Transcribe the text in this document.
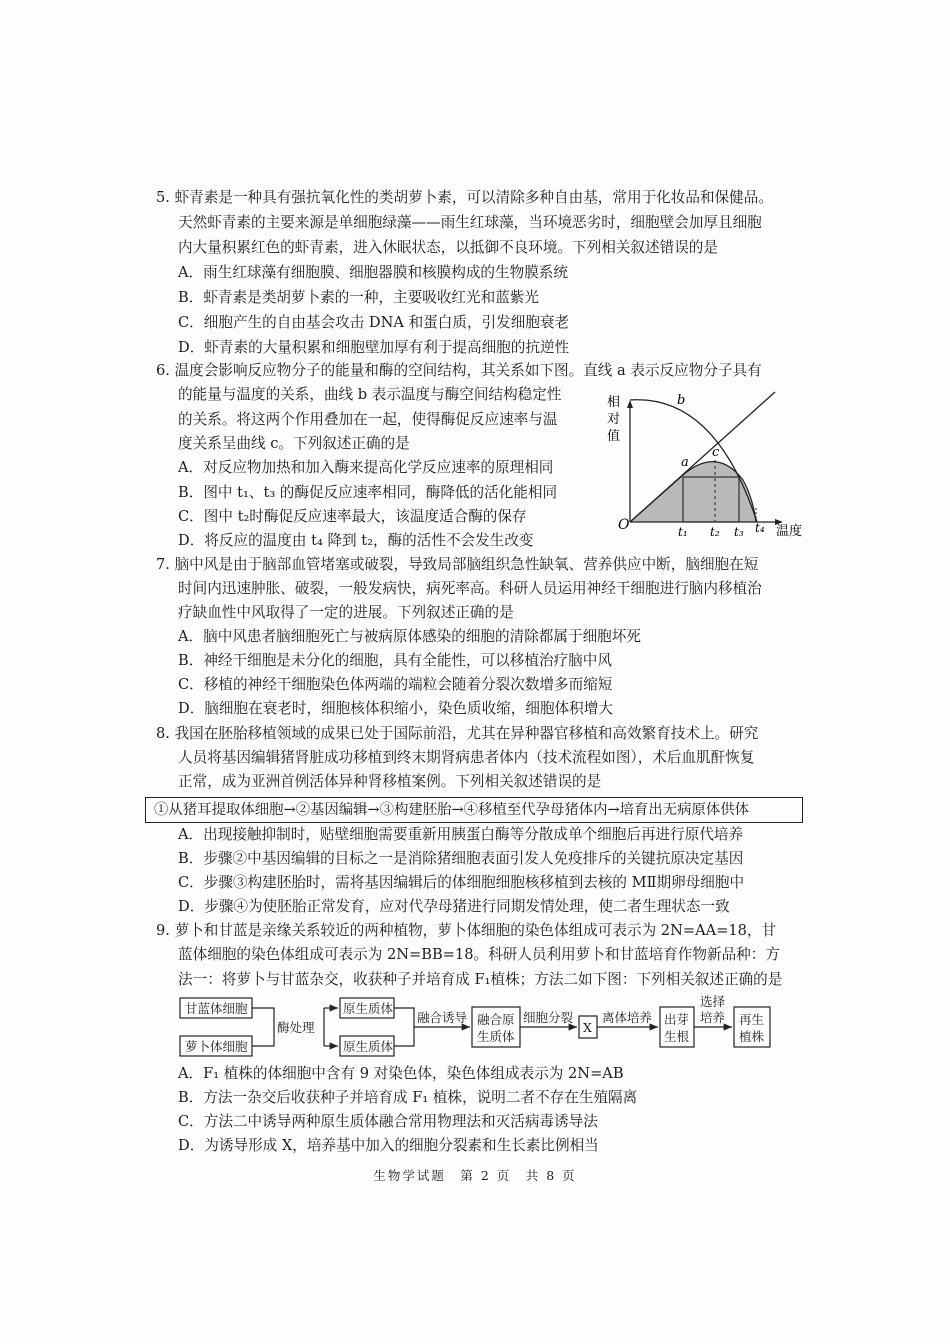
5. 虾青素是一种具有强抗氧化性的类胡萝卜素，可以清除多种自由基，常用于化妆品和保健品。
天然虾青素的主要来源是单细胞绿藻——雨生红球藻，当环境恶劣时，细胞壁会加厚且细胞
内大量积累红色的虾青素，进入休眠状态，以抵御不良环境。下列相关叙述错误的是
A．雨生红球藻有细胞膜、细胞器膜和核膜构成的生物膜系统
B．虾青素是类胡萝卜素的一种，主要吸收红光和蓝紫光
C．细胞产生的自由基会攻击 DNA 和蛋白质，引发细胞衰老
D．虾青素的大量积累和细胞壁加厚有利于提高细胞的抗逆性
6. 温度会影响反应物分子的能量和酶的空间结构，其关系如下图。直线 a 表示反应物分子具有
的能量与温度的关系，曲线 b 表示温度与酶空间结构稳定性
的关系。将这两个作用叠加在一起，使得酶促反应速率与温
度关系呈曲线 c。下列叙述正确的是
A．对反应物加热和加入酶来提高化学反应速率的原理相同
B．图中 t₁、t₃ 的酶促反应速率相同，酶降低的活化能相同
C．图中 t₂时酶促反应速率最大，该温度适合酶的保存
D．将反应的温度由 t₄ 降到 t₂，酶的活性不会发生改变
相
对
值
b
a
c
O	t₁ t₂ t₃ t₄ 温度
7. 脑中风是由于脑部血管堵塞或破裂，导致局部脑组织急性缺氧、营养供应中断，脑细胞在短
时间内迅速肿胀、破裂，一般发病快，病死率高。科研人员运用神经干细胞进行脑内移植治
疗缺血性中风取得了一定的进展。下列叙述正确的是
A．脑中风患者脑细胞死亡与被病原体感染的细胞的清除都属于细胞坏死
B．神经干细胞是未分化的细胞，具有全能性，可以移植治疗脑中风
C．移植的神经干细胞染色体两端的端粒会随着分裂次数增多而缩短
D．脑细胞在衰老时，细胞核体积缩小，染色质收缩，细胞体积增大
8. 我国在胚胎移植领域的成果已处于国际前沿，尤其在异种器官移植和高效繁育技术上。研究
人员将基因编辑猪肾脏成功移植到终末期肾病患者体内（技术流程如图），术后血肌酐恢复
正常，成为亚洲首例活体异种肾移植案例。下列相关叙述错误的是
①从猪耳提取体细胞→②基因编辑→③构建胚胎→④移植至代孕母猪体内→培育出无病原体供体
A．出现接触抑制时，贴壁细胞需要重新用胰蛋白酶等分散成单个细胞后再进行原代培养
B．步骤②中基因编辑的目标之一是消除猪细胞表面引发人免疫排斥的关键抗原决定基因
C．步骤③构建胚胎时，需将基因编辑后的体细胞细胞核移植到去核的 MⅡ期卵母细胞中
D．步骤④为使胚胎正常发育，应对代孕母猪进行同期发情处理，使二者生理状态一致
9. 萝卜和甘蓝是亲缘关系较近的两种植物，萝卜体细胞的染色体组成可表示为 2N=AA=18，甘
蓝体细胞的染色体组成可表示为 2N=BB=18。科研人员利用萝卜和甘蓝培育作物新品种：方
法一：将萝卜与甘蓝杂交，收获种子并培育成 F₁植株；方法二如下图：下列相关叙述正确的是
甘蓝体细胞
萝卜体细胞
酶处理
原生质体
原生质体
融合诱导 融合原
生质体
细胞分裂
X
离体培养 出芽
生根
选择
培养 再生
植株
A．F₁ 植株的体细胞中含有 9 对染色体，染色体组成表示为 2N=AB
B．方法一杂交后收获种子并培育成 F₁ 植株，说明二者不存在生殖隔离
C．方法二中诱导两种原生质体融合常用物理法和灭活病毒诱导法
D．为诱导形成 X，培养基中加入的细胞分裂素和生长素比例相当
生物学试题　第 2 页　共 8 页
